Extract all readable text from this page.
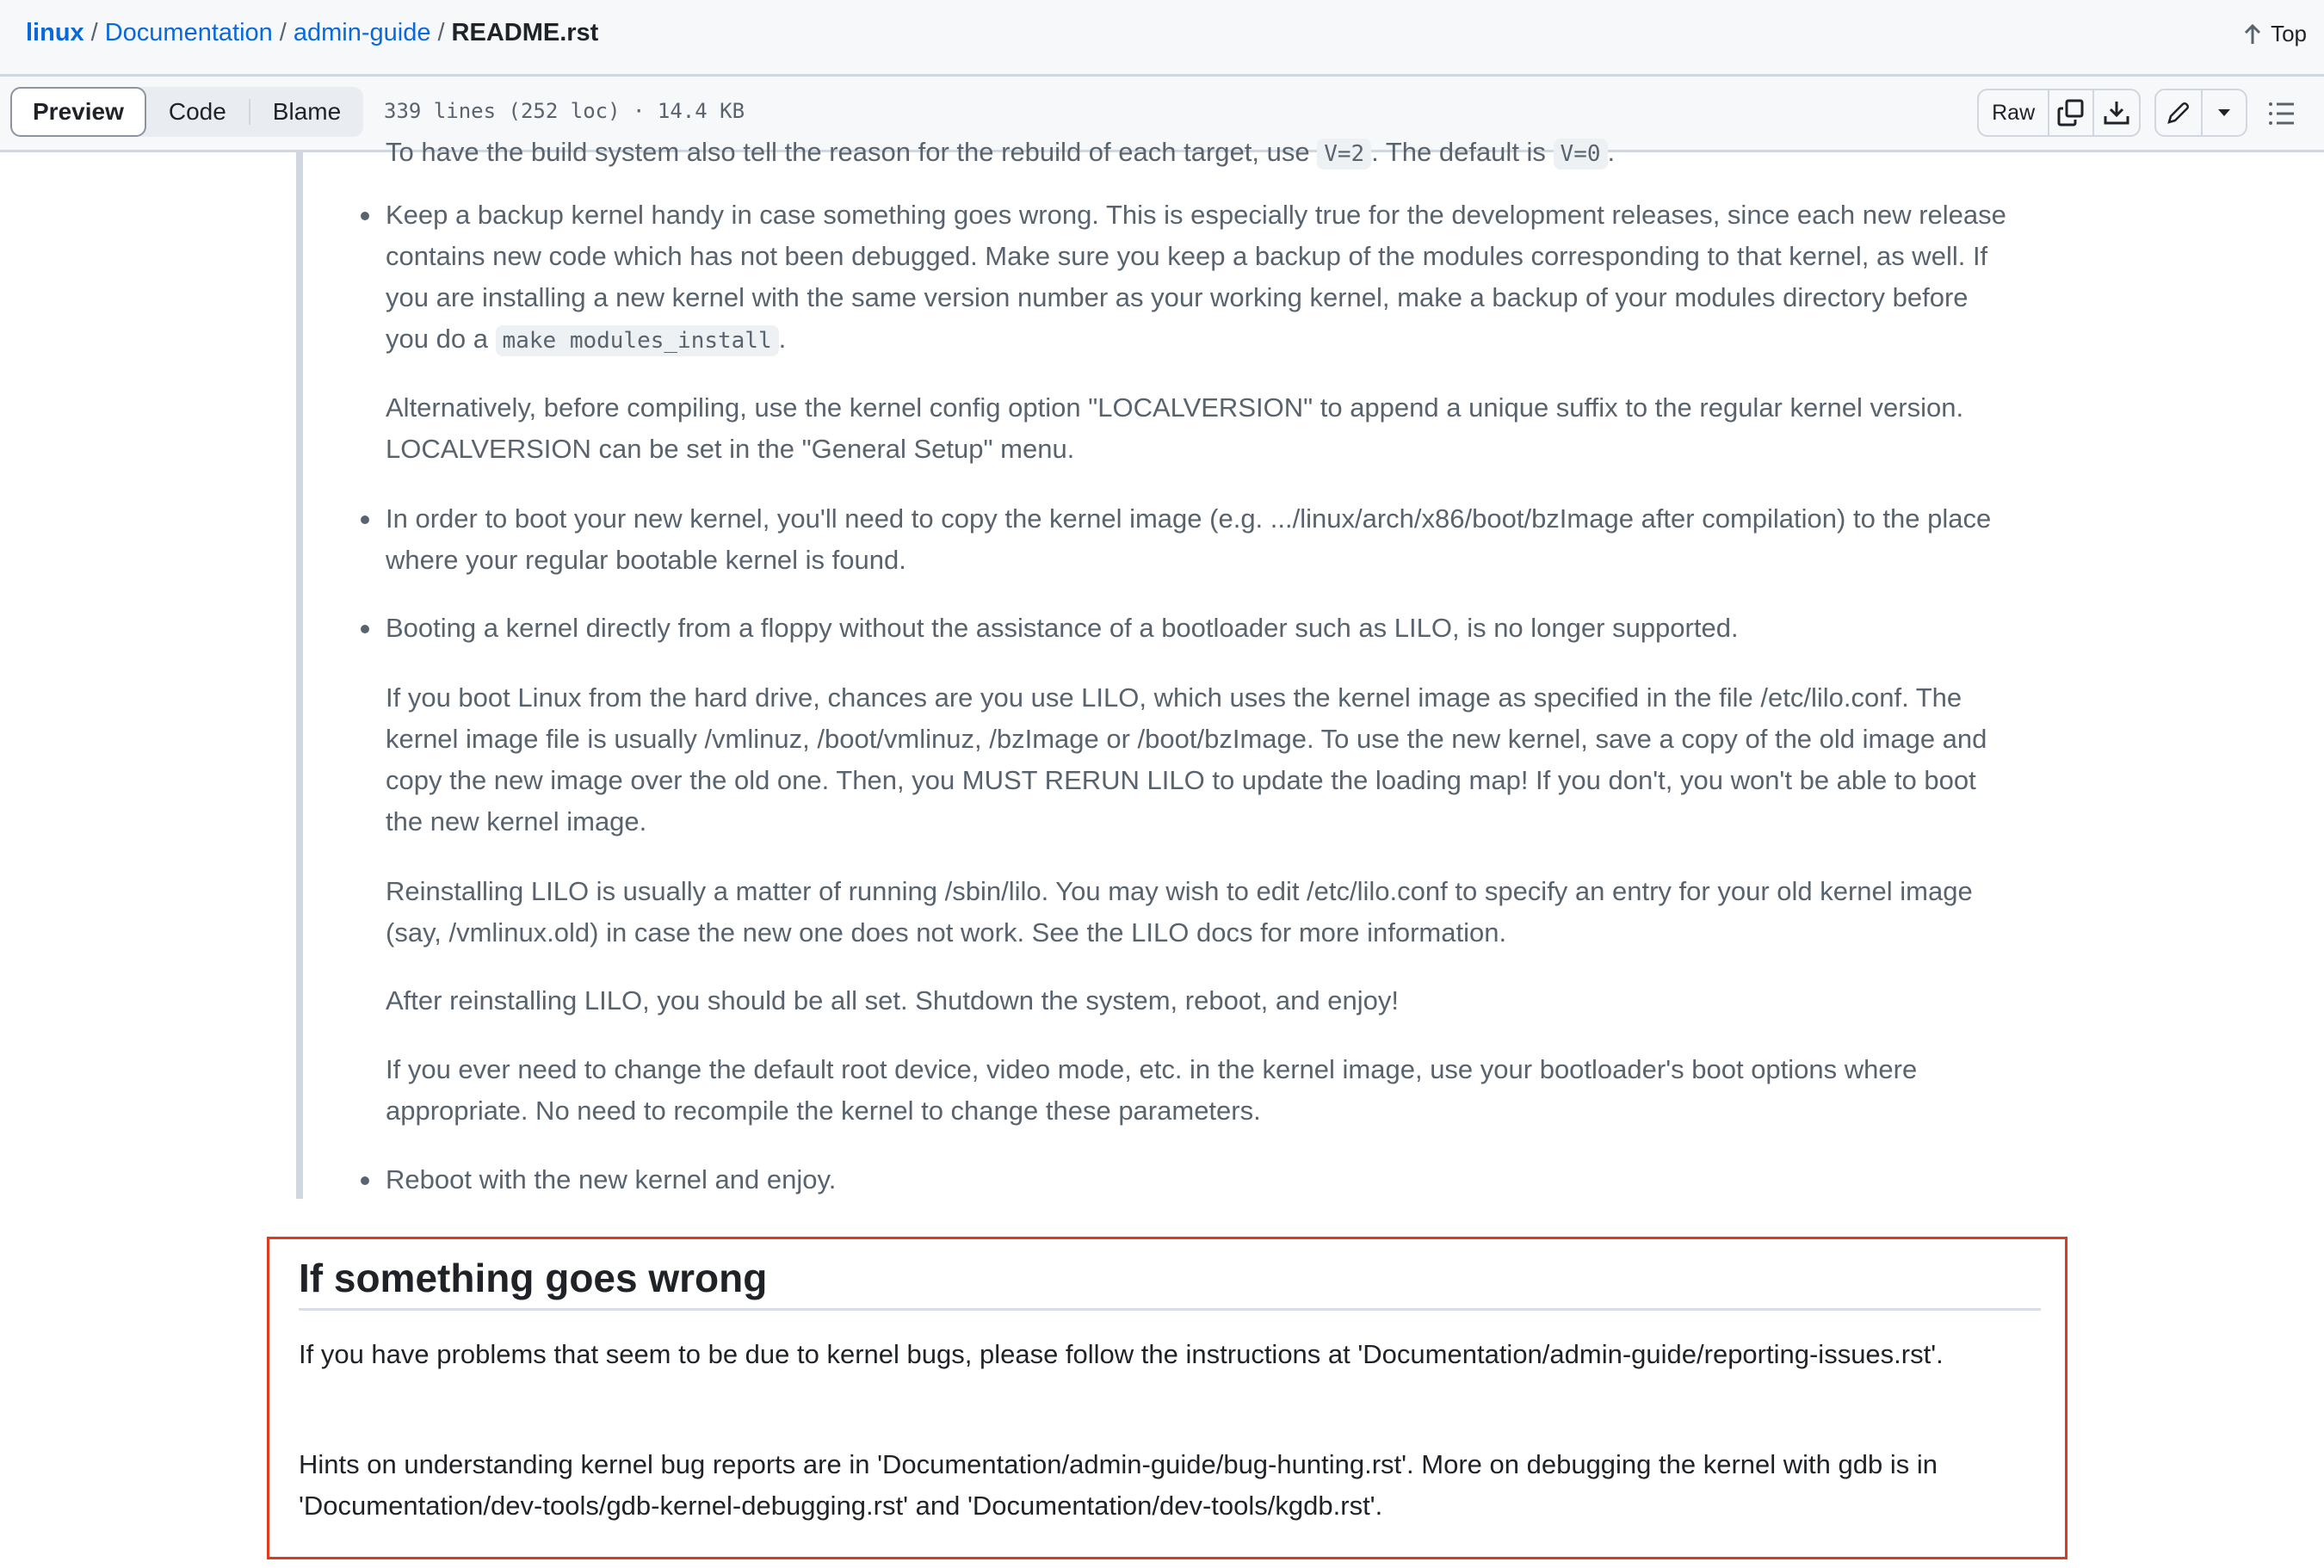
linux / Documentation / admin-guide / README.rst	Top
Preview	Code	Blame	339 lines (252 loc) · 14.4 KB	Raw
To have the build system also tell the reason for the rebuild of each target, use V=2 . The default is V=0 .
Keep a backup kernel handy in case something goes wrong. This is especially true for the development releases, since each new release contains new code which has not been debugged. Make sure you keep a backup of the modules corresponding to that kernel, as well. If you are installing a new kernel with the same version number as your working kernel, make a backup of your modules directory before you do a make modules_install .
Alternatively, before compiling, use the kernel config option "LOCALVERSION" to append a unique suffix to the regular kernel version. LOCALVERSION can be set in the "General Setup" menu.
In order to boot your new kernel, you'll need to copy the kernel image (e.g. .../linux/arch/x86/boot/bzImage after compilation) to the place where your regular bootable kernel is found.
Booting a kernel directly from a floppy without the assistance of a bootloader such as LILO, is no longer supported.
If you boot Linux from the hard drive, chances are you use LILO, which uses the kernel image as specified in the file /etc/lilo.conf. The kernel image file is usually /vmlinuz, /boot/vmlinuz, /bzImage or /boot/bzImage. To use the new kernel, save a copy of the old image and copy the new image over the old one. Then, you MUST RERUN LILO to update the loading map! If you don't, you won't be able to boot the new kernel image.
Reinstalling LILO is usually a matter of running /sbin/lilo. You may wish to edit /etc/lilo.conf to specify an entry for your old kernel image (say, /vmlinux.old) in case the new one does not work. See the LILO docs for more information.
After reinstalling LILO, you should be all set. Shutdown the system, reboot, and enjoy!
If you ever need to change the default root device, video mode, etc. in the kernel image, use your bootloader's boot options where appropriate. No need to recompile the kernel to change these parameters.
Reboot with the new kernel and enjoy.
If something goes wrong
If you have problems that seem to be due to kernel bugs, please follow the instructions at 'Documentation/admin-guide/reporting-issues.rst'.
Hints on understanding kernel bug reports are in 'Documentation/admin-guide/bug-hunting.rst'. More on debugging the kernel with gdb is in 'Documentation/dev-tools/gdb-kernel-debugging.rst' and 'Documentation/dev-tools/kgdb.rst'.
